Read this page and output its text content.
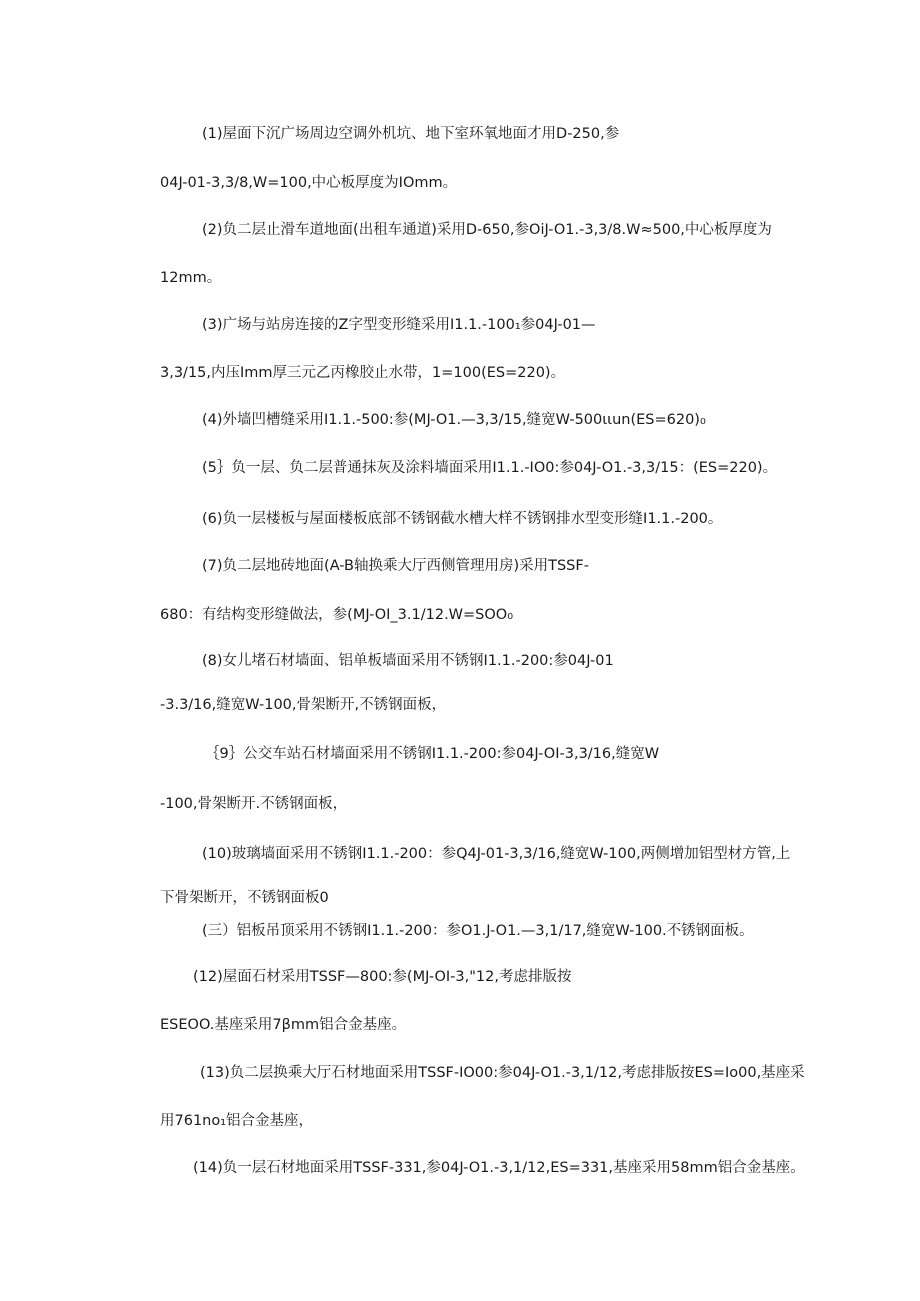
(1)屋面下沉广场周边空调外机坑、地下室环氧地面才用D-250,参
04J-01-3,3/8,W=100,中心板厚度为IOmm。
(2)负二层止滑车道地面(出租车通道)采用D-650,参OiJ-O1.-3,3/8.W≈500,中心板厚度为
12mm。
(3)广场与站房连接的Z字型变形缝采用I1.1.-100₁参04J-01—
3,3/15,内压Imm厚三元乙丙橡胶止水带，1=100(ES=220)。
(4)外墙凹槽缝采用I1.1.-500:参(MJ-O1.—3,3/15,缝宽W-500ιιun(ES=620)₀
(5｝负一层、负二层普通抹灰及涂料墙面采用I1.1.-IO0:参04J-O1.-3,3/15：(ES=220)。
(6)负一层楼板与屋面楼板底部不锈钢截水槽大样不锈钢排水型变形缝I1.1.-200。
(7)负二层地砖地面(A-B轴换乘大厅西侧管理用房)采用TSSF-
680：有结构变形缝做法，参(MJ-OI_3.1∕12.W=SOO₀
(8)女儿堵石材墙面、铝单板墙面采用不锈钢I1.1.-200:参04J-01
-3.3/16,缝宽W-100,骨架断开,不锈钢面板，
｛9｝公交车站石材墙面采用不锈钢I1.1.-200:参04J-OI-3,3/16,缝宽W
-100,骨架断开.不锈钢面板，
(10)玻璃墙面采用不锈钢I1.1.-200：参Q4J-01-3,3/16,缝宽W-100,两侧增加铝型材方管,上
下骨架断开，不锈钢面板0
(三）铝板吊顶采用不锈钢I1.1.-200：参O1.J-O1.—3,1/17,缝宽W-100.不锈钢面板。
(12)屋面石材采用TSSF—800:参(MJ-OI-3,"12,考虑排版按
ESEOO.基座采用7βmm铝合金基座。
(13)负二层换乘大厅石材地面采用TSSF-IO00:参04J-O1.-3,1/12,考虑排版按ES=Io00,基座采
用761no₁铝合金基座，
(14)负一层石材地面采用TSSF-331,参04J-O1.-3,1/12,ES=331,基座采用58mm铝合金基座。
